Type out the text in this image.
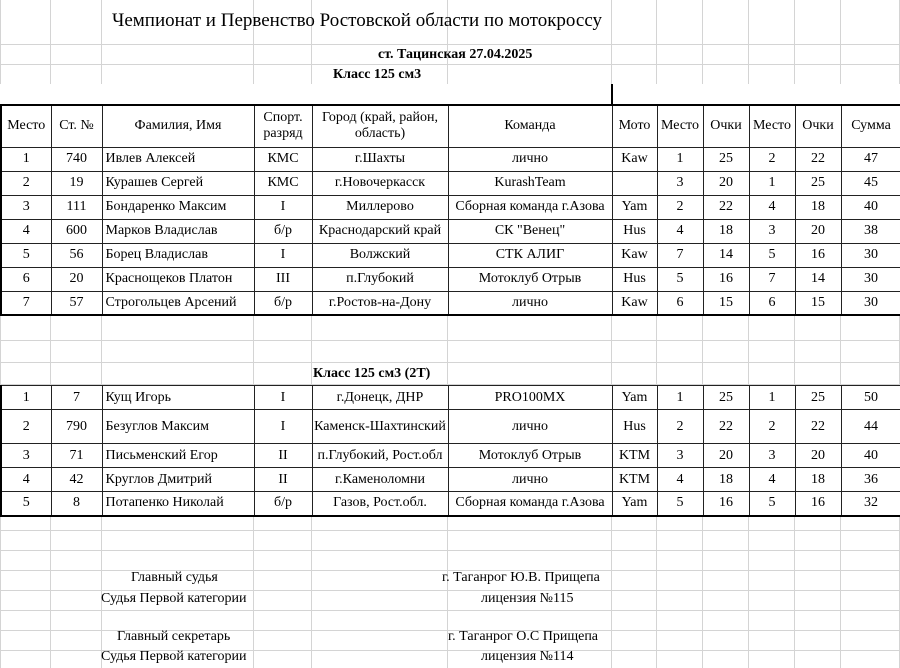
Чемпионат и Первенство Ростовской области по мотокроссу
ст. Тацинская 27.04.2025
Класс 125 см3

Место	Ст. №	Фамилия, Имя	Спорт. разряд	Город (край, район, область)	Команда	Мото	Место	Очки	Место	Очки	Сумма
1	740	Ивлев Алексей	КМС	г.Шахты	лично	Kaw	1	25	2	22	47
2	19	Курашев Сергей	КМС	г.Новочеркасск	KurashTeam		3	20	1	25	45
3	111	Бондаренко Максим	I	Миллерово	Сборная команда г.Азова	Yam	2	22	4	18	40
4	600	Марков Владислав	б/р	Краснодарский край	СК "Венец"	Hus	4	18	3	20	38
5	56	Борец Владислав	I	Волжский	СТК АЛИГ	Kaw	7	14	5	16	30
6	20	Краснощеков Платон	III	п.Глубокий	Мотоклуб Отрыв	Hus	5	16	7	14	30
7	57	Строгольцев Арсений	б/р	г.Ростов-на-Дону	лично	Kaw	6	15	6	15	30
Класс 125 см3 (2Т)
1	7	Кущ Игорь	I	г.Донецк, ДНР	PRO100MX	Yam	1	25	1	25	50
2	790	Безуглов Максим	I	Каменск-Шахтинский	лично	Hus	2	22	2	22	44
3	71	Письменский Егор	II	п.Глубокий, Рост.обл	Мотоклуб Отрыв	KTM	3	20	3	20	40
4	42	Круглов Дмитрий	II	г.Каменоломни	лично	KTM	4	18	4	18	36
5	8	Потапенко Николай	б/р	Газов, Рост.обл.	Сборная команда г.Азова	Yam	5	16	5	16	32
Главный судья	г. Таганрог Ю.В. Прищепа
Судья Первой категории	лицензия №115
Главный секретарь	г. Таганрог О.С Прищепа
Судья Первой категории	лицензия №114
